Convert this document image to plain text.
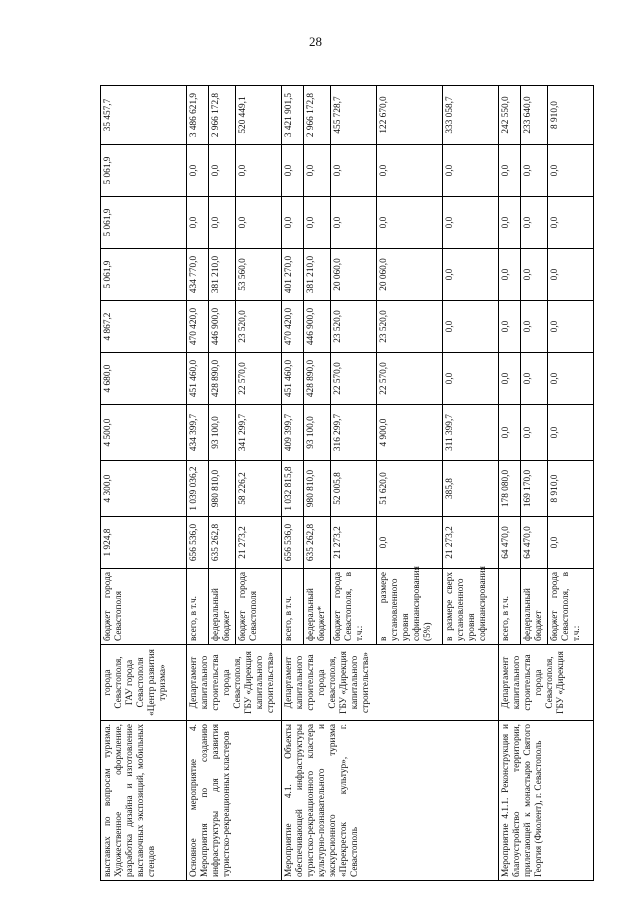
28
выставках по вопросам туризма. Художественное оформление, разработка дизайна и изготовление выставочных экспозиций, мобильных стендов	города Севастополя, ГАУ города Севастополя «Центр развития туризма»	бюджет города Севастополя	1 924,8	4 300,0	4 500,0	4 680,0	4 867,2	5 061,9	5 061,9	5 061,9	35 457,7
Основное мероприятие 4. Мероприятия по созданию инфраструктуры для развития туристско-рекреационных кластеров	Департамент капитального строительства города Севастополя, ГБУ «Дирекция капитального строительства»	всего, в т.ч.	656 536,0	1 039 036,2	434 399,7	451 460,0	470 420,0	434 770,0	0,0	0,0	3 486 621,9
		федеральный бюджет	635 262,8	980 810,0	93 100,0	428 890,0	446 900,0	381 210,0	0,0	0,0	2 966 172,8
		бюджет города Севастополя	21 273,2	58 226,2	341 299,7	22 570,0	23 520,0	53 560,0	0,0	0,0	520 449,1
Мероприятие 4.1. Объекты обеспечивающей инфраструктуры туристско-рекреационного кластера культурно-познавательного и экскурсионного туризма «Перекресток культур», г. Севастополь	Департамент капитального строительства города Севастополя, ГБУ «Дирекция капитального строительства»	всего, в т.ч.	656 536,0	1 032 815,8	409 399,7	451 460,0	470 420,0	401 270,0	0,0	0,0	3 421 901,5
		федеральный бюджет*	635 262,8	980 810,0	93 100,0	428 890,0	446 900,0	381 210,0	0,0	0,0	2 966 172,8
		бюджет города Севастополя, в т.ч.:	21 273,2	52 005,8	316 299,7	22 570,0	23 520,0	20 060,0	0,0	0,0	455 728,7
		в размере установленного уровня софинансирования (5%)	0,0	51 620,0	4 900,0	22 570,0	23 520,0	20 060,0	0,0	0,0	122 670,0
		в размере сверх установленного уровня софинансирования	21 273,2	385,8	311 399,7	0,0	0,0	0,0	0,0	0,0	333 058,7
Мероприятие 4.1.1. Реконструкция и благоустройство территории, прилегающей к монастырю Святого Георгия (Фиолент), г. Севастополь	Департамент капитального строительства города Севастополя, ГБУ «Дирекция	всего, в т.ч.	64 470,0	178 080,0	0,0	0,0	0,0	0,0	0,0	0,0	242 550,0
		федеральный бюджет	64 470,0	169 170,0	0,0	0,0	0,0	0,0	0,0	0,0	233 640,0
		бюджет города Севастополя, в т.ч.:	0,0	8 910,0	0,0	0,0	0,0	0,0	0,0	0,0	8 910,0
